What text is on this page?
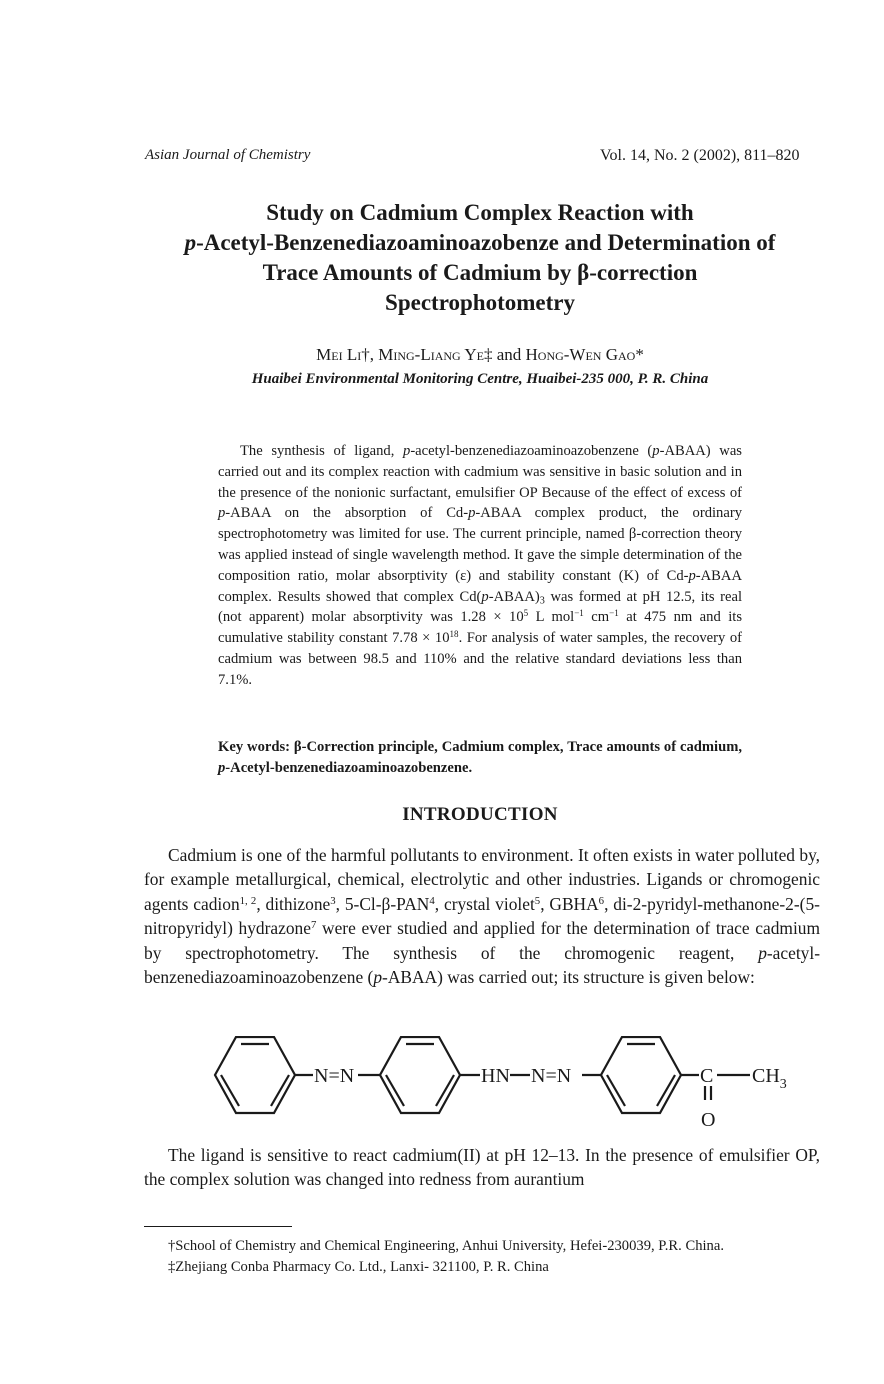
Asian Journal of Chemistry	Vol. 14, No. 2 (2002), 811–820
Study on Cadmium Complex Reaction with
p-Acetyl-Benzenediazoaminoazobenze and Determination of
Trace Amounts of Cadmium by β-correction
Spectrophotometry
Mei Li†, Ming-Liang Ye‡ and Hong-Wen Gao*
Huaibei Environmental Monitoring Centre, Huaibei-235 000, P. R. China

The synthesis of ligand, p-acetyl-benzenediazoaminoazobenzene (p-ABAA) was carried out and its complex reaction with cadmium was sensitive in basic solution and in the presence of the nonionic surfactant, emulsifier OP Because of the effect of excess of p-ABAA on the absorption of Cd-p-ABAA complex product, the ordinary spectrophotometry was limited for use. The current principle, named β-correction theory was applied instead of single wavelength method. It gave the simple determination of the composition ratio, molar absorptivity (ε) and stability constant (K) of Cd-p-ABAA complex. Results showed that complex $Cd(p-ABAA)_3$ was formed at pH 12.5, its real (not apparent) molar absorptivity was $1.28 \times 10^5$ L mol$^{-1}$ $cm^{-1}$ at 475 nm and its cumulative stability constant $7.78 \times 10^{18}$. For analysis of water samples, the recovery of cadmium was between 98.5 and 110% and the relative standard deviations less than 7.1%.

Key words: β-Correction principle, Cadmium complex, Trace amounts of cadmium, p-Acetyl-benzenediazoaminoazobenzene.

INTRODUCTION

Cadmium is one of the harmful pollutants to environment. It often exists in water polluted by, for example metallurgical, chemical, electrolytic and other industries. Ligands or chromogenic agents cadion$^{1, 2}$, dithizone$^3$, 5-Cl-β-PAN$^4$, crystal violet$^5$, GBHA$^6$, di-2-pyridyl-methanone-2-(5-nitropyridyl) hydrazone$^7$ were ever studied and applied for the determination of trace cadmium by spectrophotometry. The synthesis of the chromogenic reagent, p-acetyl-benzenediazoaminoazobenzene (p-ABAA) was carried out; its structure is given below:

N=N	HN N=N	C $CH_3$
O

The ligand is sensitive to react cadmium(II) at pH 12–13. In the presence of emulsifier OP, the complex solution was changed into redness from aurantium

†School of Chemistry and Chemical Engineering, Anhui University, Hefei-230039, P.R. China.

‡Zhejiang Conba Pharmacy Co. Ltd., Lanxi- 321100, P. R. China
